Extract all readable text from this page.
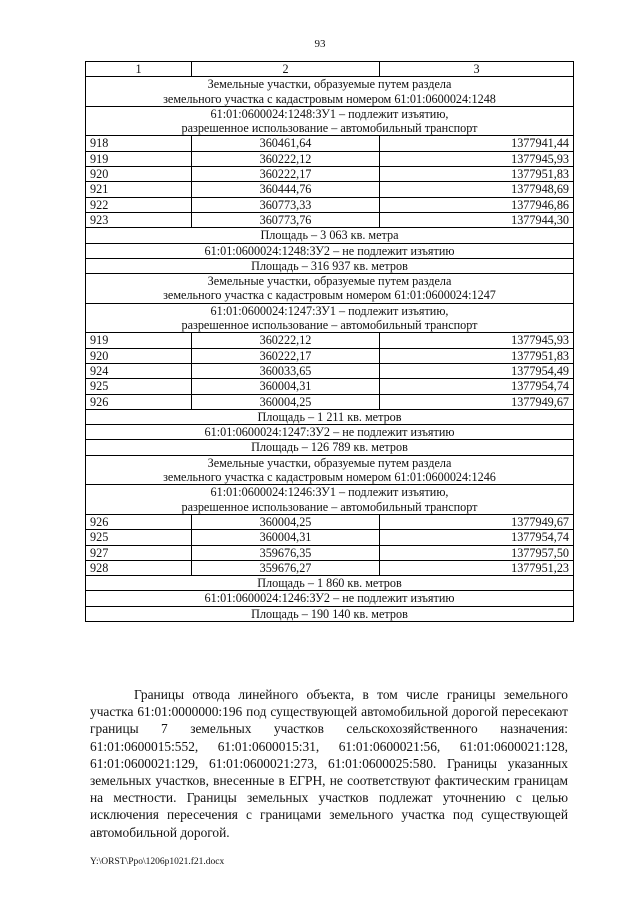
93
1	2	3
Земельные участки, образуемые путем раздела
земельного участка с кадастровым номером 61:01:0600024:1248		
61:01:0600024:1248:ЗУ1 – подлежит изъятию,
разрешенное использование – автомобильный транспорт		
918	360461,64	1377941,44
919	360222,12	1377945,93
920	360222,17	1377951,83
921	360444,76	1377948,69
922	360773,33	1377946,86
923	360773,76	1377944,30
Площадь – 3 063 кв. метра		
61:01:0600024:1248:ЗУ2 – не подлежит изъятию		
Площадь – 316 937 кв. метров		
Земельные участки, образуемые путем раздела
земельного участка с кадастровым номером 61:01:0600024:1247		
61:01:0600024:1247:ЗУ1 – подлежит изъятию,
разрешенное использование – автомобильный транспорт		
919	360222,12	1377945,93
920	360222,17	1377951,83
924	360033,65	1377954,49
925	360004,31	1377954,74
926	360004,25	1377949,67
Площадь – 1 211 кв. метров		
61:01:0600024:1247:ЗУ2 – не подлежит изъятию		
Площадь – 126 789 кв. метров		
Земельные участки, образуемые путем раздела
земельного участка с кадастровым номером 61:01:0600024:1246		
61:01:0600024:1246:ЗУ1 – подлежит изъятию,
разрешенное использование – автомобильный транспорт		
926	360004,25	1377949,67
925	360004,31	1377954,74
927	359676,35	1377957,50
928	359676,27	1377951,23
Площадь – 1 860 кв. метров		
61:01:0600024:1246:ЗУ2 – не подлежит изъятию		
Площадь – 190 140 кв. метров		

Границы отвода линейного объекта, в том числе границы земельного участка 61:01:0000000:196 под существующей автомобильной дорогой пересекают границы 7 земельных участков сельскохозяйственного назначения: 61:01:0600015:552, 61:01:0600015:31, 61:01:0600021:56, 61:01:0600021:128, 61:01:0600021:129, 61:01:0600021:273, 61:01:0600025:580. Границы указанных земельных участков, внесенные в ЕГРН, не соответствуют фактическим границам на местности. Границы земельных участков подлежат уточнению с целью исключения пересечения с границами земельного участка под существующей автомобильной дорогой.

Y:\ORST\Ppo\1206p1021.f21.docx
